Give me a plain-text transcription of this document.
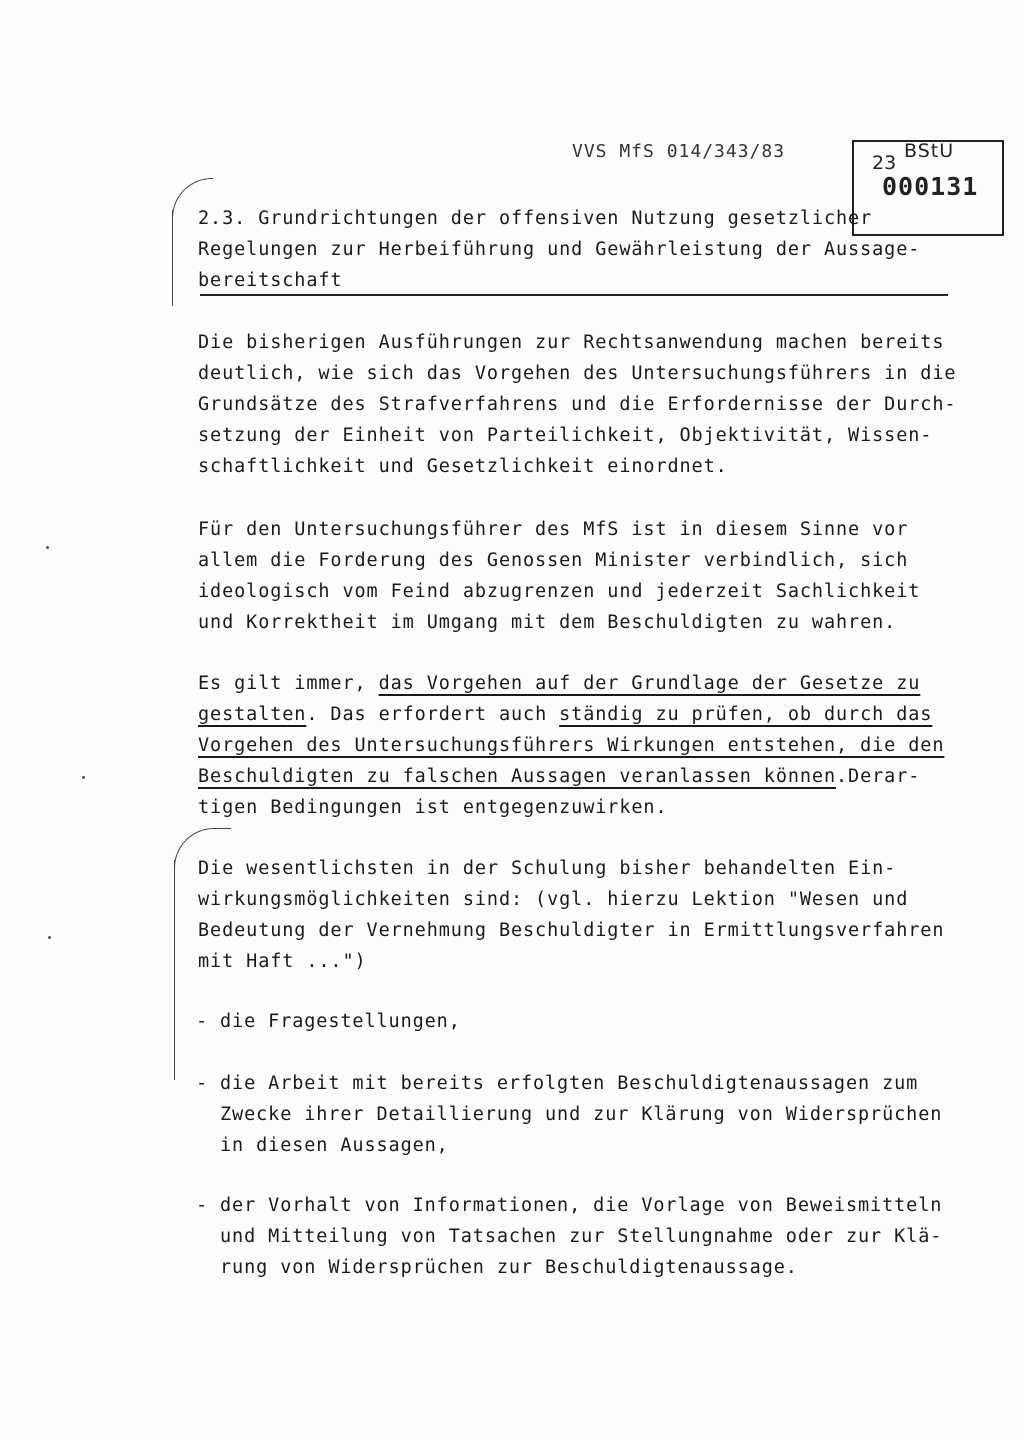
VVS MfS 014/343/83
23
BStU
000131
2.3. Grundrichtungen der offensiven Nutzung gesetzlicher
Regelungen zur Herbeiführung und Gewährleistung der Aussage-
bereitschaft
Die bisherigen Ausführungen zur Rechtsanwendung machen bereits
deutlich, wie sich das Vorgehen des Untersuchungsführers in die
Grundsätze des Strafverfahrens und die Erfordernisse der Durch-
setzung der Einheit von Parteilichkeit, Objektivität, Wissen-
schaftlichkeit und Gesetzlichkeit einordnet.
Für den Untersuchungsführer des MfS ist in diesem Sinne vor
allem die Forderung des Genossen Minister verbindlich, sich
ideologisch vom Feind abzugrenzen und jederzeit Sachlichkeit
und Korrektheit im Umgang mit dem Beschuldigten zu wahren.
Es gilt immer, das Vorgehen auf der Grundlage der Gesetze zu
gestalten. Das erfordert auch ständig zu prüfen, ob durch das
Vorgehen des Untersuchungsführers Wirkungen entstehen, die den
Beschuldigten zu falschen Aussagen veranlassen können.Derar-
tigen Bedingungen ist entgegenzuwirken.
Die wesentlichsten in der Schulung bisher behandelten Ein-
wirkungsmöglichkeiten sind: (vgl. hierzu Lektion "Wesen und
Bedeutung der Vernehmung Beschuldigter in Ermittlungsverfahren
mit Haft ...")
- die Fragestellungen,
- die Arbeit mit bereits erfolgten Beschuldigtenaussagen zum
Zwecke ihrer Detaillierung und zur Klärung von Widersprüchen
in diesen Aussagen,
- der Vorhalt von Informationen, die Vorlage von Beweismitteln
und Mitteilung von Tatsachen zur Stellungnahme oder zur Klä-
rung von Widersprüchen zur Beschuldigtenaussage.
